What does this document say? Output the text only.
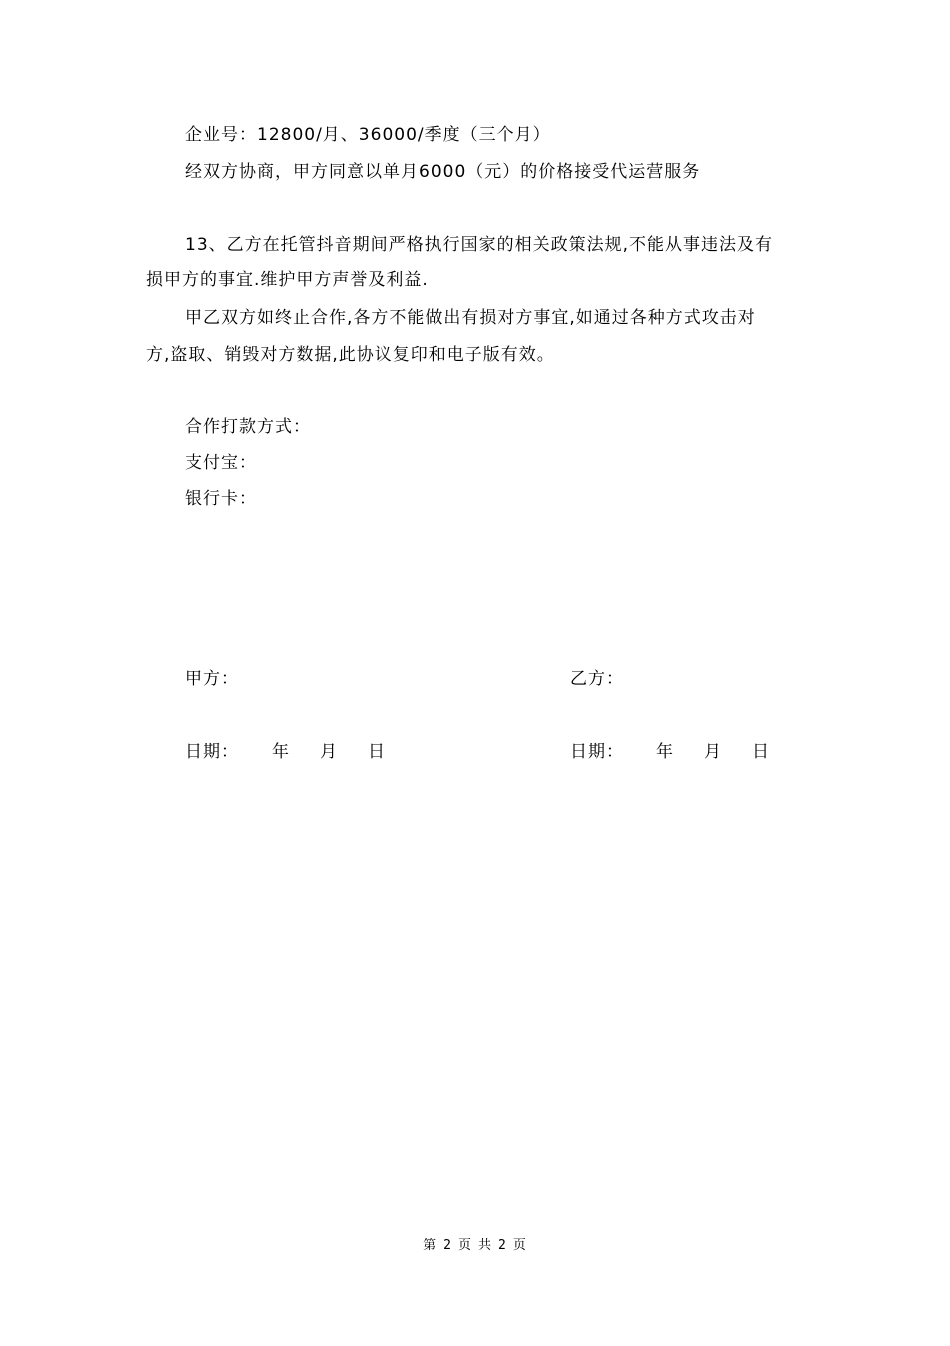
企业号：12800/月、36000/季度（三个月）
经双方协商，甲方同意以单月6000（元）的价格接受代运营服务
13、乙方在托管抖音期间严格执行国家的相关政策法规,不能从事违法及有
损甲方的事宜.维护甲方声誉及利益.
甲乙双方如终止合作,各方不能做出有损对方事宜,如通过各种方式攻击对
方,盗取、销毁对方数据,此协议复印和电子版有效。
合作打款方式：
支付宝：
银行卡：
甲方：	乙方：
日期： 年 月 日	日期： 年 月 日
第 2 页 共 2 页
